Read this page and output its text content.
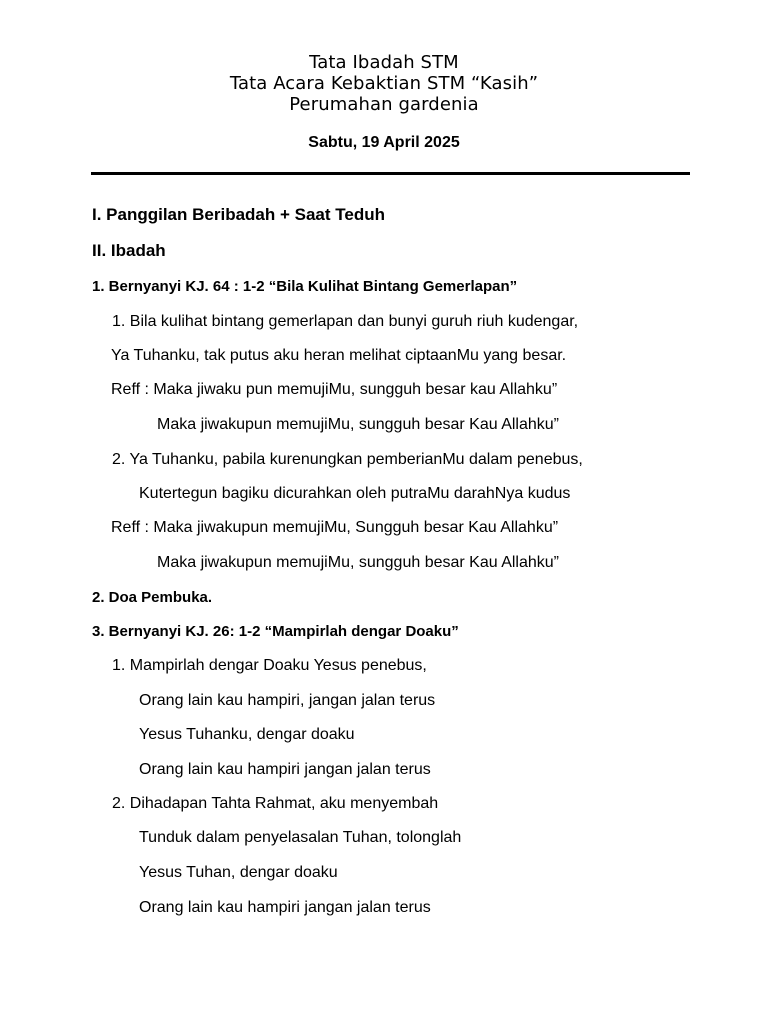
Tata Ibadah STM
Tata Acara Kebaktian STM “Kasih”
Perumahan gardenia
Sabtu, 19 April 2025
I. Panggilan Beribadah + Saat Teduh
II. Ibadah
1. Bernyanyi KJ. 64 : 1-2 “Bila Kulihat Bintang Gemerlapan”
1. Bila kulihat bintang gemerlapan dan bunyi guruh riuh kudengar,
Ya Tuhanku, tak putus aku heran melihat ciptaanMu yang besar.
Reff : Maka jiwaku pun memujiMu, sungguh besar kau Allahku”
Maka jiwakupun memujiMu, sungguh besar Kau Allahku”
2. Ya Tuhanku, pabila kurenungkan pemberianMu dalam penebus,
Kutertegun bagiku dicurahkan oleh putraMu darahNya kudus
Reff : Maka jiwakupun memujiMu, Sungguh besar Kau Allahku”
Maka jiwakupun memujiMu, sungguh besar Kau Allahku”
2. Doa Pembuka.
3. Bernyanyi KJ. 26: 1-2 “Mampirlah dengar Doaku”
1. Mampirlah dengar Doaku Yesus penebus,
Orang lain kau hampiri, jangan jalan terus
Yesus Tuhanku, dengar doaku
Orang lain kau hampiri jangan jalan terus
2. Dihadapan Tahta Rahmat, aku menyembah
Tunduk dalam penyelasalan Tuhan, tolonglah
Yesus Tuhan, dengar doaku
Orang lain kau hampiri jangan jalan terus
